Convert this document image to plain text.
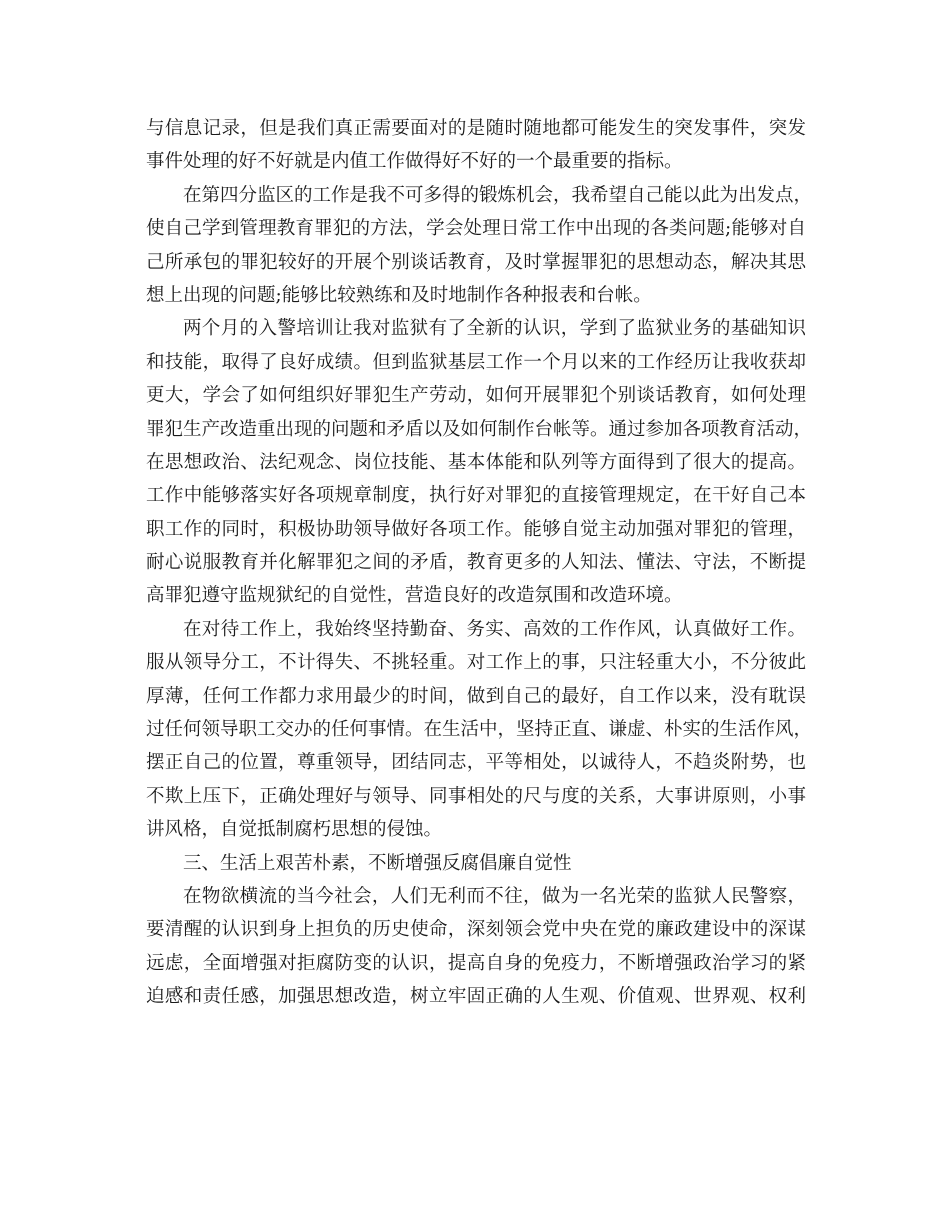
与信息记录，但是我们真正需要面对的是随时随地都可能发生的突发事件，突发
事件处理的好不好就是内值工作做得好不好的一个最重要的指标。
在第四分监区的工作是我不可多得的锻炼机会，我希望自己能以此为出发点，
使自己学到管理教育罪犯的方法，学会处理日常工作中出现的各类问题;能够对自
己所承包的罪犯较好的开展个别谈话教育，及时掌握罪犯的思想动态，解决其思
想上出现的问题;能够比较熟练和及时地制作各种报表和台帐。
两个月的入警培训让我对监狱有了全新的认识，学到了监狱业务的基础知识
和技能，取得了良好成绩。但到监狱基层工作一个月以来的工作经历让我收获却
更大，学会了如何组织好罪犯生产劳动，如何开展罪犯个别谈话教育，如何处理
罪犯生产改造重出现的问题和矛盾以及如何制作台帐等。通过参加各项教育活动，
在思想政治、法纪观念、岗位技能、基本体能和队列等方面得到了很大的提高。
工作中能够落实好各项规章制度，执行好对罪犯的直接管理规定，在干好自己本
职工作的同时，积极协助领导做好各项工作。能够自觉主动加强对罪犯的管理，
耐心说服教育并化解罪犯之间的矛盾，教育更多的人知法、懂法、守法，不断提
高罪犯遵守监规狱纪的自觉性，营造良好的改造氛围和改造环境。
在对待工作上，我始终坚持勤奋、务实、高效的工作作风，认真做好工作。
服从领导分工，不计得失、不挑轻重。对工作上的事，只注轻重大小，不分彼此
厚薄，任何工作都力求用最少的时间，做到自己的最好，自工作以来，没有耽误
过任何领导职工交办的任何事情。在生活中，坚持正直、谦虚、朴实的生活作风，
摆正自己的位置，尊重领导，团结同志，平等相处，以诚待人，不趋炎附势，也
不欺上压下，正确处理好与领导、同事相处的尺与度的关系，大事讲原则，小事
讲风格，自觉抵制腐朽思想的侵蚀。
三、生活上艰苦朴素，不断增强反腐倡廉自觉性
在物欲横流的当今社会，人们无利而不往，做为一名光荣的监狱人民警察，
要清醒的认识到身上担负的历史使命，深刻领会党中央在党的廉政建设中的深谋
远虑，全面增强对拒腐防变的认识，提高自身的免疫力，不断增强政治学习的紧
迫感和责任感，加强思想改造，树立牢固正确的人生观、价值观、世界观、权利
